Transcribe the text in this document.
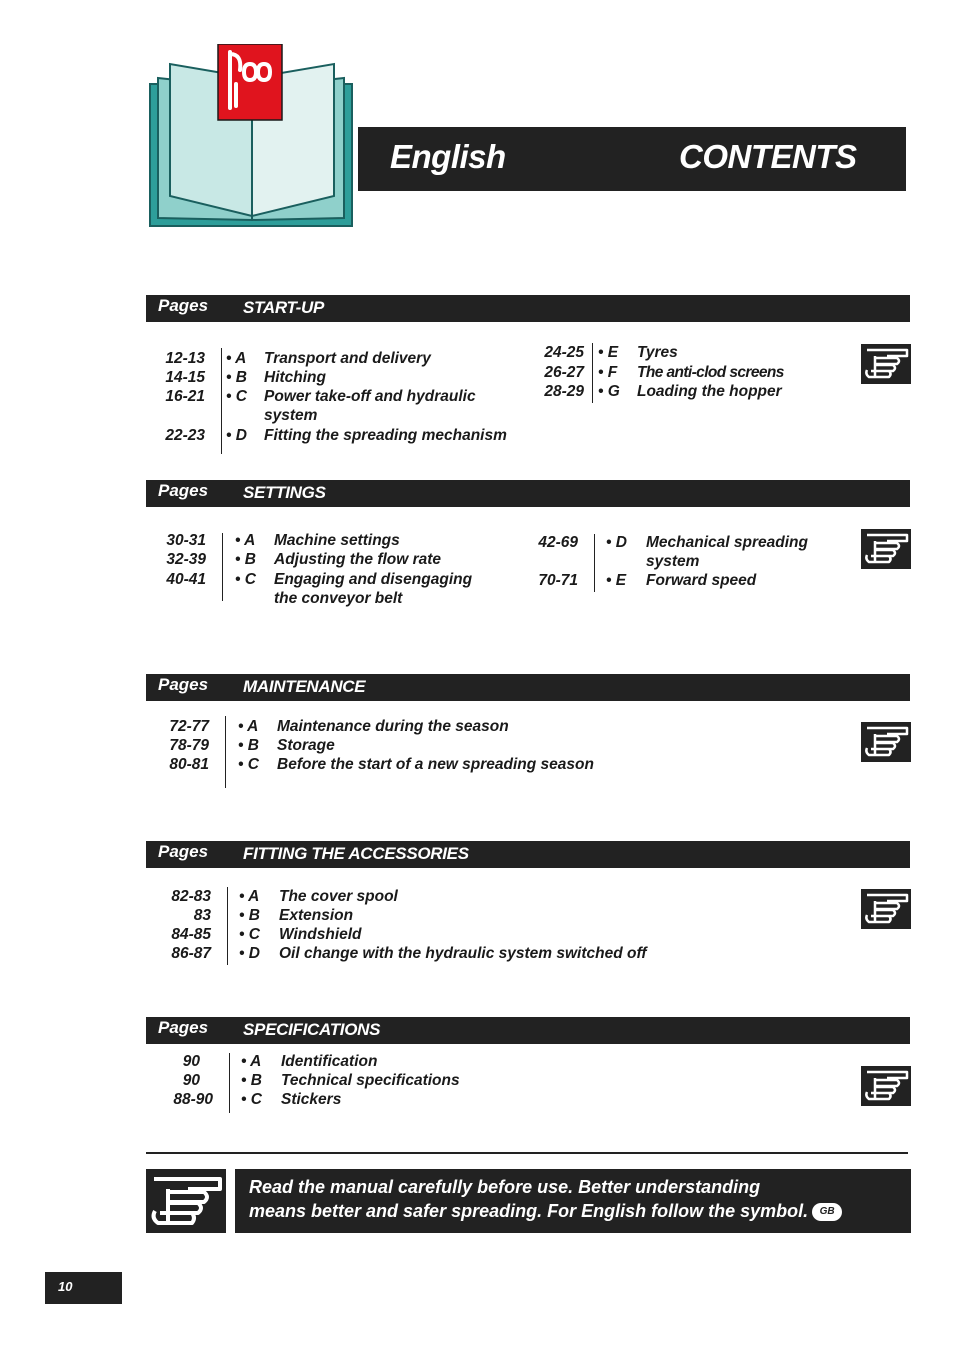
English	CONTENTS
Pages START-UP
12-13 • A Transport and delivery
14-15 • B Hitching
16-21 • C Power take-off and hydraulic
system
22-23 • D Fitting the spreading mechanism
24-25 • E Tyres
26-27 • F The anti-clod screens
28-29 • G Loading the hopper
Pages SETTINGS
30-31 • A Machine settings
32-39 • B Adjusting the flow rate
40-41 • C Engaging and disengaging
the conveyor belt
42-69 • D Mechanical spreading
system
70-71 • E Forward speed
Pages MAINTENANCE
72-77 • A Maintenance during the season
78-79 • B Storage
80-81 • C Before the start of a new spreading season
Pages FITTING THE ACCESSORIES
82-83 • A The cover spool
83 • B Extension
84-85 • C Windshield
86-87 • D Oil change with the hydraulic system switched off
Pages SPECIFICATIONS
90	• A Identification
90	• B Technical specifications
88-90 • C Stickers
Read the manual carefully before use. Better understanding
means better and safer spreading. For English follow the symbol. GB
10
